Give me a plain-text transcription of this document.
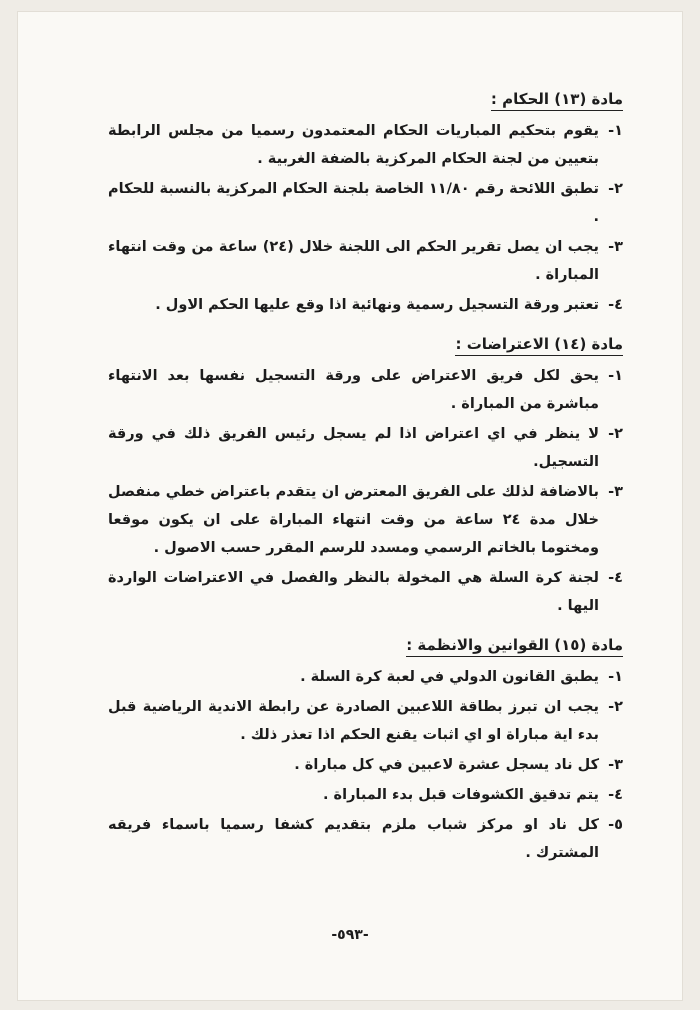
مادة (١٣) الحكام :
١-
يقوم بتحكيم المباريات الحكام المعتمدون رسميا من مجلس الرابطة بتعيين من لجنة الحكام المركزية بالضفة الغربية .
٢-
تطبق اللائحة رقم ١١/٨٠ الخاصة بلجنة الحكام المركزية بالنسبة للحكام .
٣-
يجب ان يصل تقرير الحكم الى اللجنة خلال (٢٤) ساعة من وقت انتهاء المباراة .
٤-
تعتبر ورقة التسجيل رسمية ونهائية اذا وقع عليها الحكم الاول .
مادة (١٤) الاعتراضات :
١-
يحق لكل فريق الاعتراض على ورقة التسجيل نفسها بعد الانتهاء مباشرة من المباراة .
٢-
لا ينظر في اي اعتراض اذا لم يسجل رئيس الفريق ذلك في ورقة التسجيل.
٣-
بالاضافة لذلك على الفريق المعترض ان يتقدم باعتراض خطي منفصل خلال مدة ٢٤ ساعة من وقت انتهاء المباراة على ان يكون موقعا ومختوما بالخاتم الرسمي ومسدد للرسم المقرر حسب الاصول .
٤-
لجنة كرة السلة هي المخولة بالنظر والفصل في الاعتراضات الواردة اليها .
مادة (١٥) القوانين والانظمة :
١-
يطبق القانون الدولي في لعبة كرة السلة .
٢-
يجب ان تبرز بطاقة اللاعبين الصادرة عن رابطة الاندية الرياضية قبل بدء اية مباراة او اي اثبات يقنع الحكم اذا تعذر ذلك .
٣-
كل ناد يسجل عشرة لاعبين في كل مباراة .
٤-
يتم تدقيق الكشوفات قبل بدء المباراة .
٥-
كل ناد او مركز شباب ملزم بتقديم كشفا رسميا باسماء فريقه المشترك .
-٥٩٣-
